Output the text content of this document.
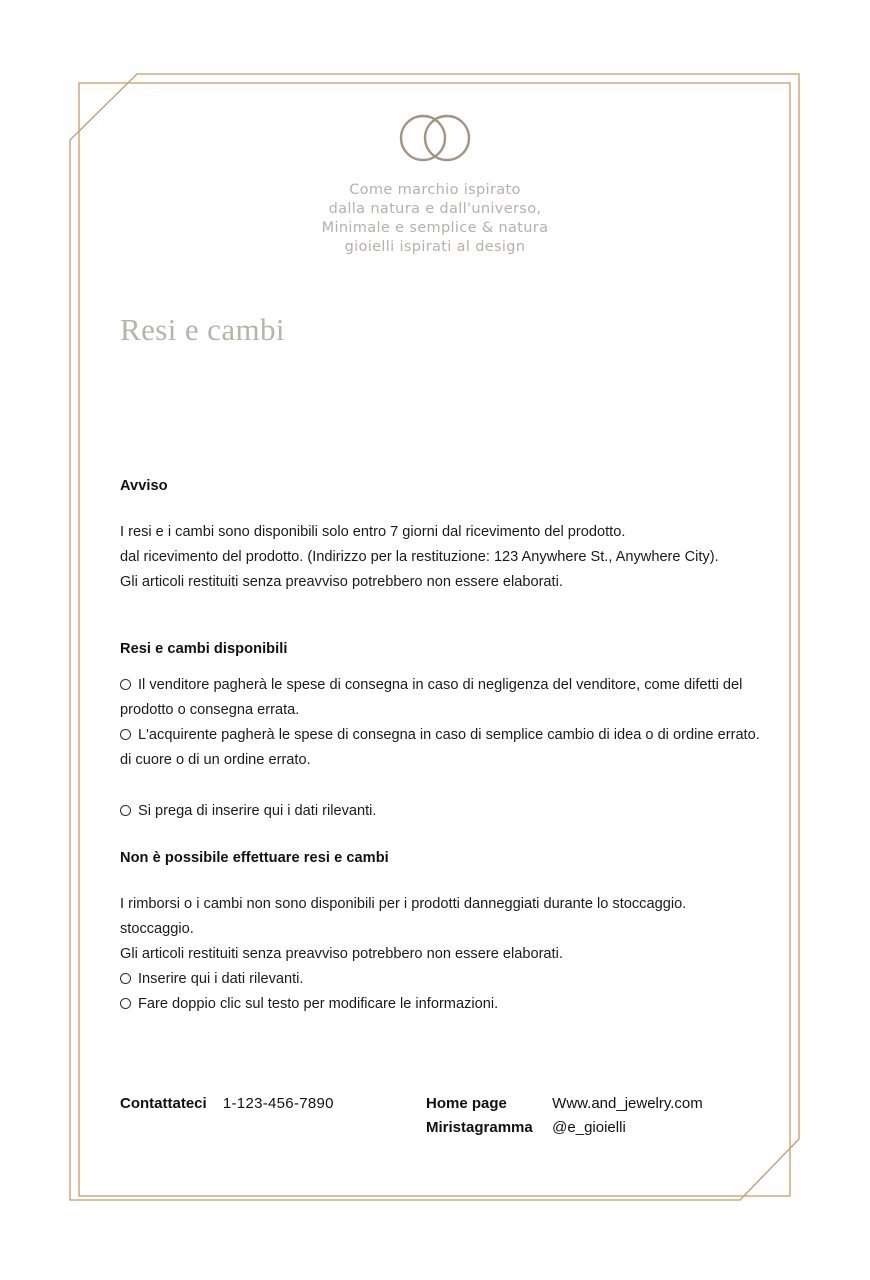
Come marchio ispirato
dalla natura e dall'universo,
Minimale e semplice & natura
gioielli ispirati al design
Resi e cambi
Avviso
I resi e i cambi sono disponibili solo entro 7 giorni dal ricevimento del prodotto.
dal ricevimento del prodotto. (Indirizzo per la restituzione: 123 Anywhere St., Anywhere City).
Gli articoli restituiti senza preavviso potrebbero non essere elaborati.
Resi e cambi disponibili
Il venditore pagherà le spese di consegna in caso di negligenza del venditore, come difetti del
prodotto o consegna errata.
L'acquirente pagherà le spese di consegna in caso di semplice cambio di idea o di ordine errato.
di cuore o di un ordine errato.
Si prega di inserire qui i dati rilevanti.
Non è possibile effettuare resi e cambi
I rimborsi o i cambi non sono disponibili per i prodotti danneggiati durante lo stoccaggio.
stoccaggio.
Gli articoli restituiti senza preavviso potrebbero non essere elaborati.
Inserire qui i dati rilevanti.
Fare doppio clic sul testo per modificare le informazioni.
Contattateci 1-123-456-7890	Home page	Www.and_jewelry.com
Miristagramma @e_gioielli
